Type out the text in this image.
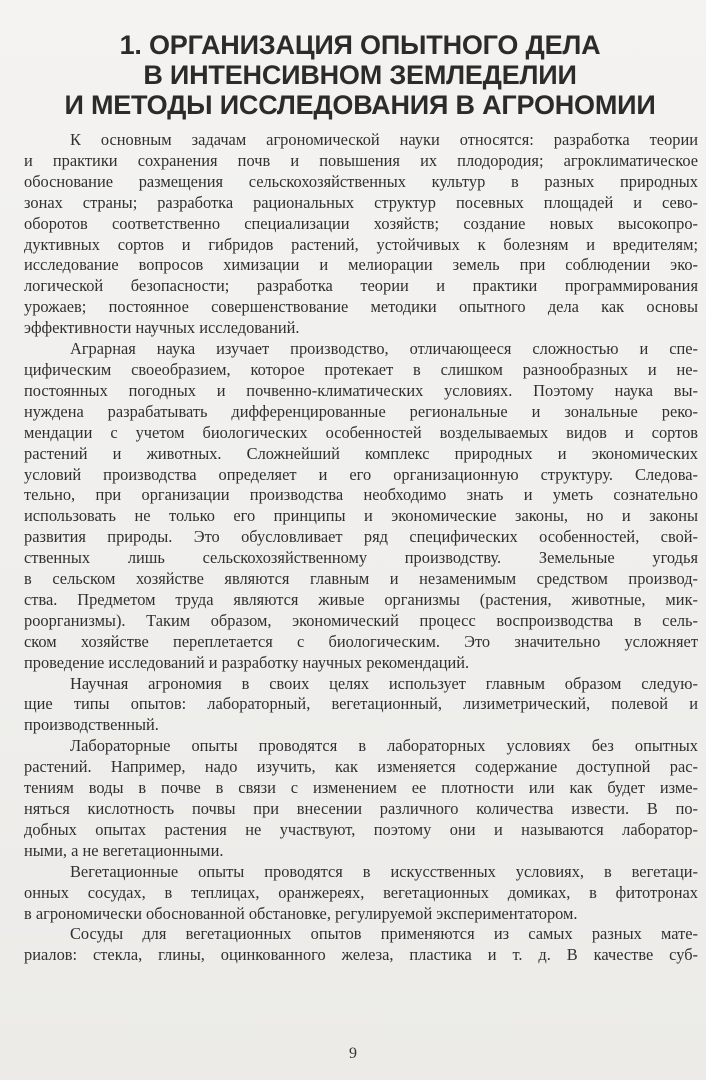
1. ОРГАНИЗАЦИЯ ОПЫТНОГО ДЕЛА
В ИНТЕНСИВНОМ ЗЕМЛЕДЕЛИИ
И МЕТОДЫ ИССЛЕДОВАНИЯ В АГРОНОМИИ

К основным задачам агрономической науки относятся: разработка теории
и практики сохранения почв и повышения их плодородия; агроклиматическое
обоснование размещения сельскохозяйственных культур в разных природных
зонах страны; разработка рациональных структур посевных площадей и сево-
оборотов соответственно специализации хозяйств; создание новых высокопро-
дуктивных сортов и гибридов растений, устойчивых к болезням и вредителям;
исследование вопросов химизации и мелиорации земель при соблюдении эко-
логической безопасности; разработка теории и практики программирования
урожаев; постоянное совершенствование методики опытного дела как основы
эффективности научных исследований.

Аграрная наука изучает производство, отличающееся сложностью и спе-
цифическим своеобразием, которое протекает в слишком разнообразных и не-
постоянных погодных и почвенно-климатических условиях. Поэтому наука вы-
нуждена разрабатывать дифференцированные региональные и зональные реко-
мендации с учетом биологических особенностей возделываемых видов и сортов
растений и животных. Сложнейший комплекс природных и экономических
условий производства определяет и его организационную структуру. Следова-
тельно, при организации производства необходимо знать и уметь сознательно
использовать не только его принципы и экономические законы, но и законы
развития природы. Это обусловливает ряд специфических особенностей, свой-
ственных лишь сельскохозяйственному производству. Земельные угодья
в сельском хозяйстве являются главным и незаменимым средством производ-
ства. Предметом труда являются живые организмы (растения, животные, мик-
роорганизмы). Таким образом, экономический процесс воспроизводства в сель-
ском хозяйстве переплетается с биологическим. Это значительно усложняет
проведение исследований и разработку научных рекомендаций.

Научная агрономия в своих целях использует главным образом следую-
щие типы опытов: лабораторный, вегетационный, лизиметрический, полевой и
производственный.

Лабораторные опыты проводятся в лабораторных условиях без опытных
растений. Например, надо изучить, как изменяется содержание доступной рас-
тениям воды в почве в связи с изменением ее плотности или как будет изме-
няться кислотность почвы при внесении различного количества извести. В по-
добных опытах растения не участвуют, поэтому они и называются лаборатор-
ными, а не вегетационными.

Вегетационные опыты проводятся в искусственных условиях, в вегетаци-
онных сосудах, в теплицах, оранжереях, вегетационных домиках, в фитотронах
в агрономически обоснованной обстановке, регулируемой экспериментатором.

Сосуды для вегетационных опытов применяются из самых разных мате-
риалов: стекла, глины, оцинкованного железа, пластика и т. д. В качестве суб-

9
